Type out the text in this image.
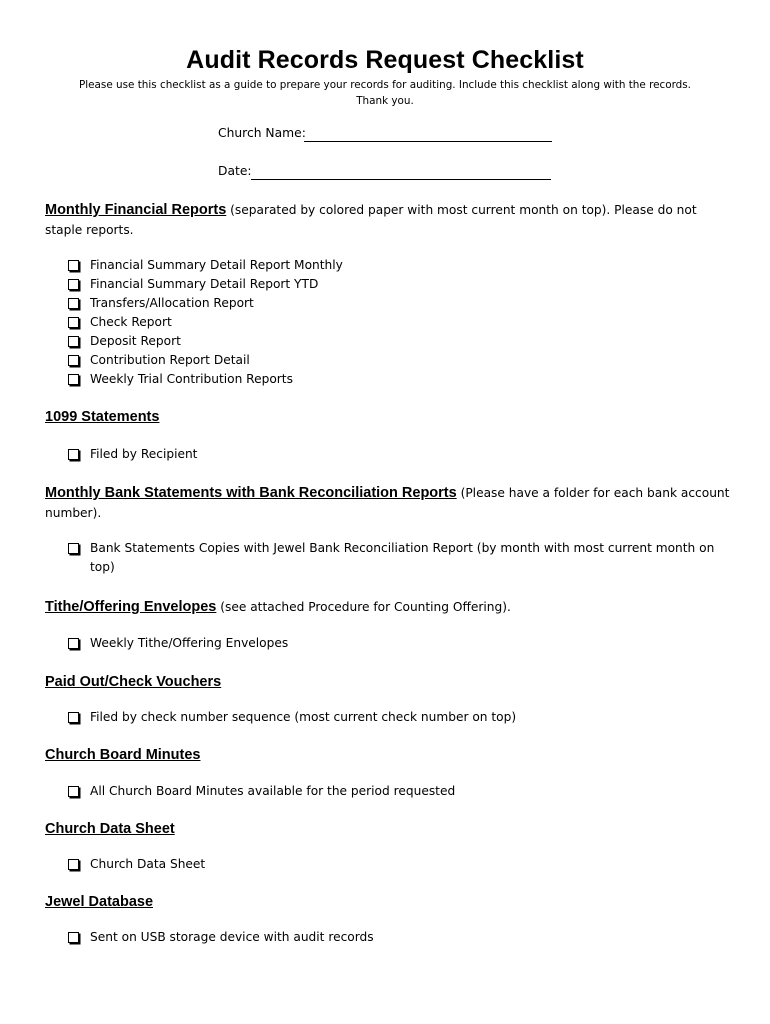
Audit Records Request Checklist
Please use this checklist as a guide to prepare your records for auditing. Include this checklist along with the records.
Thank you.
Church Name:
Date:
Monthly Financial Reports (separated by colored paper with most current month on top). Please do not staple reports.
Financial Summary Detail Report Monthly
Financial Summary Detail Report YTD
Transfers/Allocation Report
Check Report
Deposit Report
Contribution Report Detail
Weekly Trial Contribution Reports
1099 Statements
Filed by Recipient
Monthly Bank Statements with Bank Reconciliation Reports (Please have a folder for each bank account number).
Bank Statements Copies with Jewel Bank Reconciliation Report (by month with most current month on top)
Tithe/Offering Envelopes (see attached Procedure for Counting Offering).
Weekly Tithe/Offering Envelopes
Paid Out/Check Vouchers
Filed by check number sequence (most current check number on top)
Church Board Minutes
All Church Board Minutes available for the period requested
Church Data Sheet
Church Data Sheet
Jewel Database
Sent on USB storage device with audit records
